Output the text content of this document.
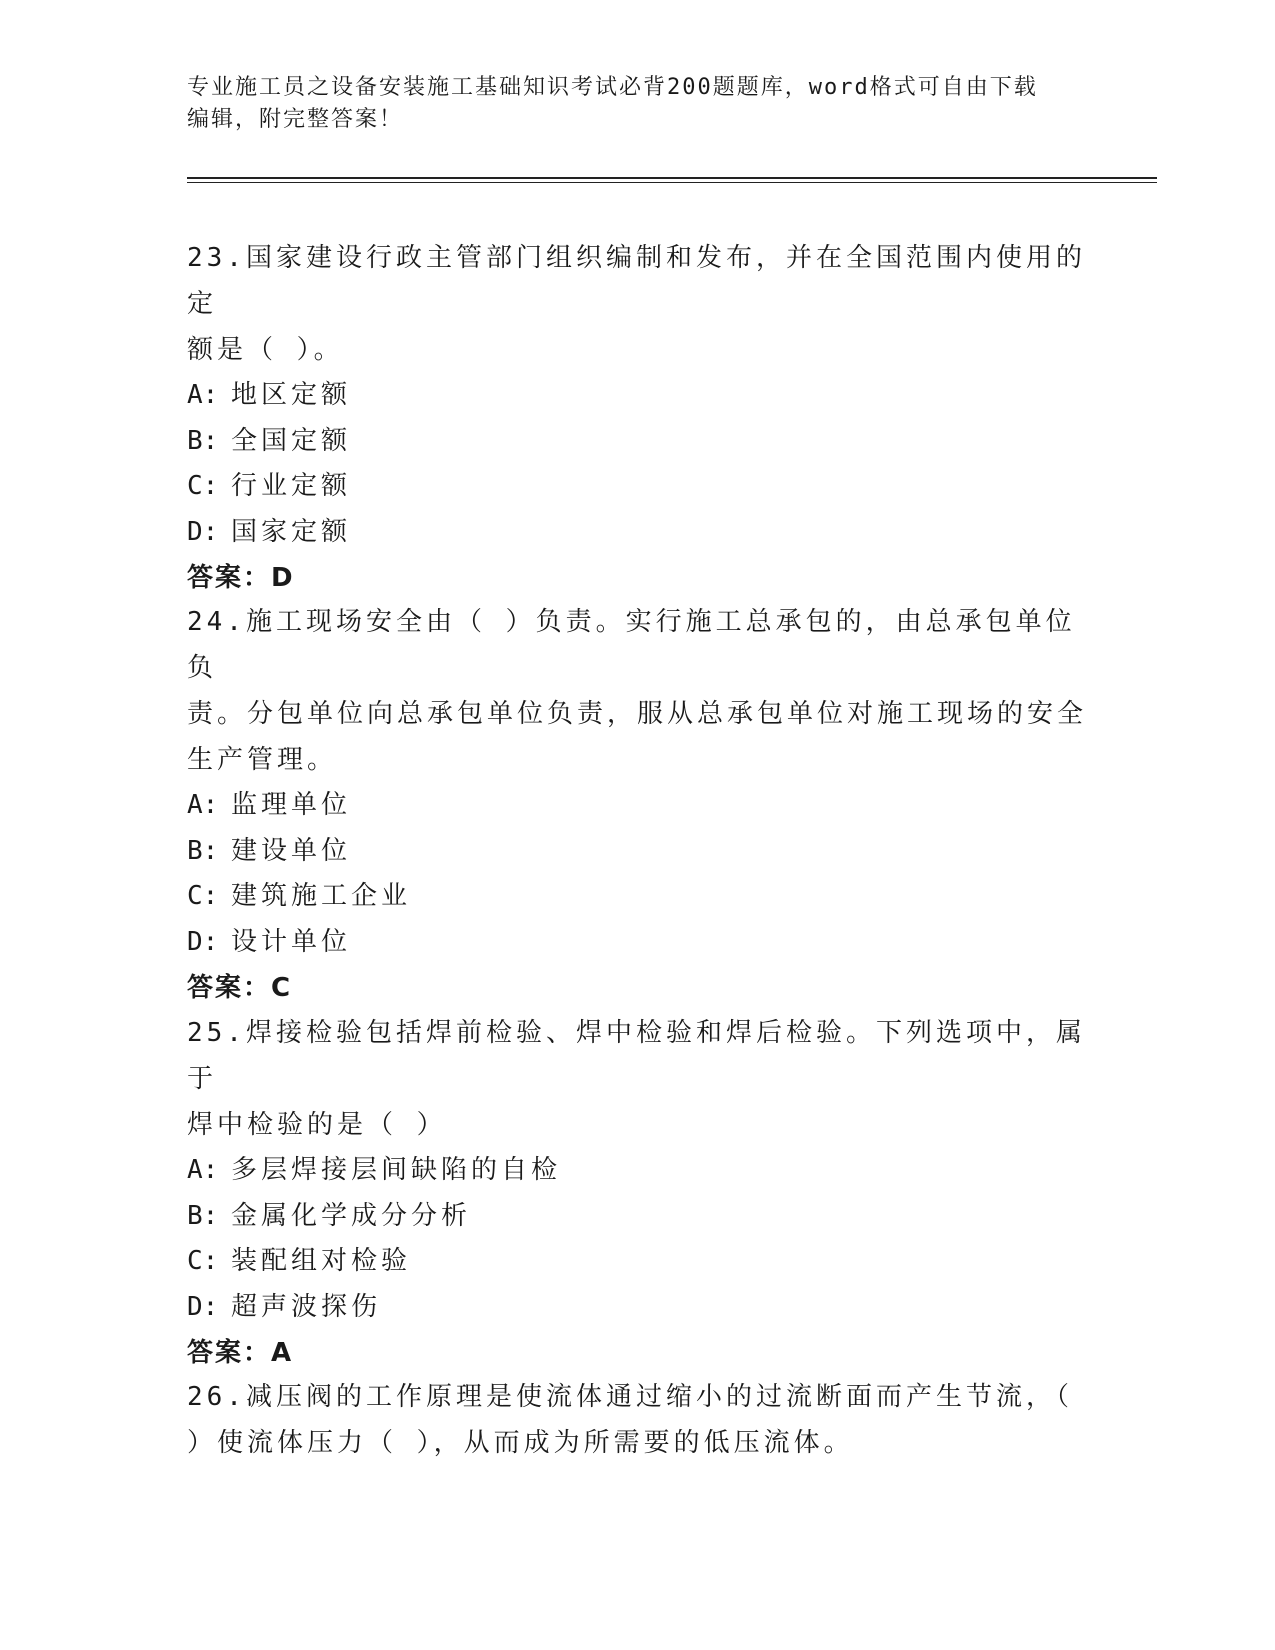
专业施工员之设备安装施工基础知识考试必背200题题库，word格式可自由下载
编辑，附完整答案！

23.国家建设行政主管部门组织编制和发布，并在全国范围内使用的定

额是（ ）。

A: 地区定额

B: 全国定额

C: 行业定额

D: 国家定额

答案：D

24.施工现场安全由（ ）负责。实行施工总承包的，由总承包单位负

责。分包单位向总承包单位负责，服从总承包单位对施工现场的安全

生产管理。

A: 监理单位

B: 建设单位

C: 建筑施工企业

D: 设计单位

答案：C

25.焊接检验包括焊前检验、焊中检验和焊后检验。下列选项中，属于

焊中检验的是（ ）

A: 多层焊接层间缺陷的自检

B: 金属化学成分分析

C: 装配组对检验

D: 超声波探伤

答案：A

26.减压阀的工作原理是使流体通过缩小的过流断面而产生节流，（

）使流体压力（ ），从而成为所需要的低压流体。
